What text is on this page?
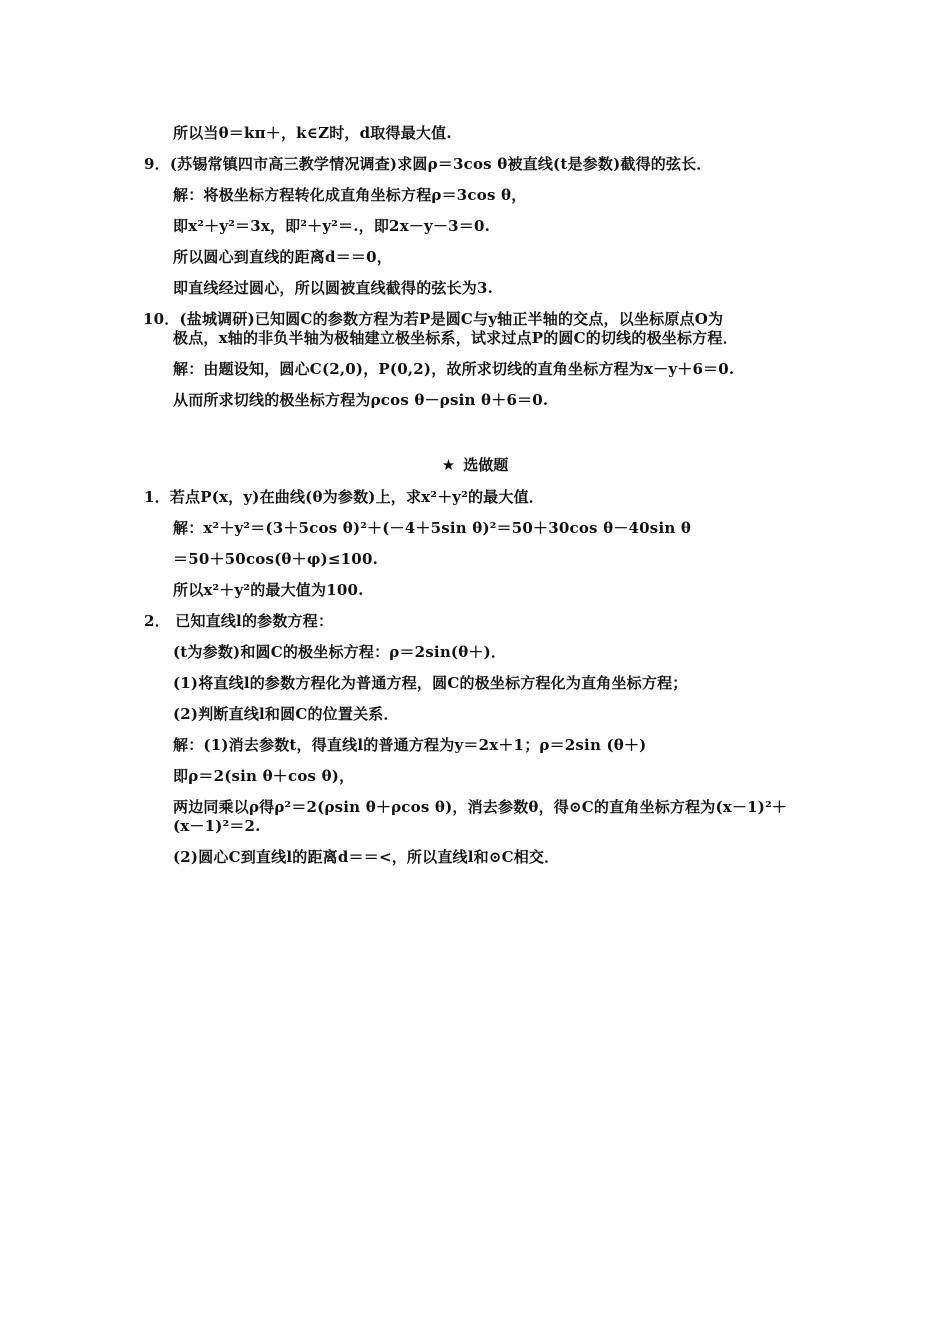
所以当θ＝kπ＋，k∈Z时，d取得最大值.
9．(苏锡常镇四市高三教学情况调查)求圆ρ＝3cos θ被直线(t是参数)截得的弦长．
解：将极坐标方程转化成直角坐标方程ρ＝3cos θ，
即x²＋y²＝3x，即²＋y²＝.，即2x－y－3＝0.
所以圆心到直线的距离d＝＝0，
即直线经过圆心，所以圆被直线截得的弦长为3.
10．(盐城调研)已知圆C的参数方程为若P是圆C与y轴正半轴的交点，以坐标原点O为
极点，x轴的非负半轴为极轴建立极坐标系，试求过点P的圆C的切线的极坐标方程．
解：由题设知，圆心C(2,0)，P(0,2)，故所求切线的直角坐标方程为x－y＋6＝0.
从而所求切线的极坐标方程为ρcos θ－ρsin θ＋6＝0.
★ 选做题
1．若点P(x，y)在曲线(θ为参数)上，求x²＋y²的最大值．
解：x²＋y²＝(3＋5cos θ)²＋(－4＋5sin θ)²＝50＋30cos θ－40sin θ
＝50＋50cos(θ＋φ)≤100.
所以x²＋y²的最大值为100.
2． 已知直线l的参数方程：
(t为参数)和圆C的极坐标方程：ρ＝2sin(θ＋)．
(1)将直线l的参数方程化为普通方程，圆C的极坐标方程化为直角坐标方程；
(2)判断直线l和圆C的位置关系．
解：(1)消去参数t，得直线l的普通方程为y＝2x＋1；ρ＝2sin (θ＋)
即ρ＝2(sin θ＋cos θ)，
两边同乘以ρ得ρ²＝2(ρsin θ＋ρcos θ)，消去参数θ，得⊙C的直角坐标方程为(x－1)²＋
(x－1)²＝2.
(2)圆心C到直线l的距离d＝＝<，所以直线l和⊙C相交．
